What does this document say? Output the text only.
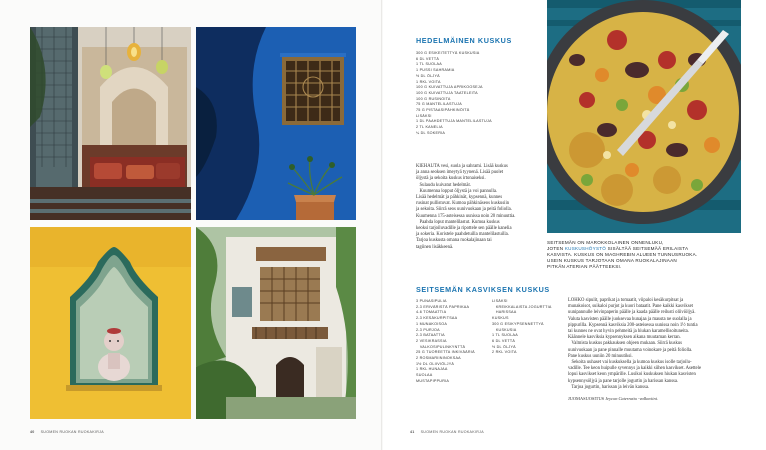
40 SUOMEN RUOKAN RUOKAKIRJA
HEDELMÄINEN KUSKUS
300 G ESIKEITETTYÄ KUSKUSIA
6 DL VETTÄ
1 TL SUOLAA
1 PUSSI SAHRAMIA
½ DL ÖLJYÄ
1 RKL VOITA
100 G KUIVATTUJA APRIKOOSEJA
100 G KUIVATTUJA TAATELEITA
100 G RUSINOITA
75 G MANTELILASTUJA
75 G PISTAASIPÄHKINÖITÄ
LISÄKSI
1 DL PAAHDETTUJA MANTELILASTUJA
2 TL KANELIA
¼ DL SOKERIA
KIEHAUTA vesi, suola ja sahrami. Lisää kuskus
ja anna seoksen imeytyä tyynenä. Lisää puolet
öljystä ja sekoita kuskus irtonaiseksi.
Sulaudu kuivatut hedelmät.
Kuumenna lopput öljystä ja voi pannulla.
Lisää hedelmät ja pähkinät, kypsennä, kunnes
rusinat pullistuvat. Kumoa pähkinäseos kuskusiin
ja sekoita. Siirrä seos uunivuokaan ja peitä foliolla.
Kuumenna 175-asteisessa uunissa noin 20 minuuttia.
Paahda loput mantelilastut. Kumoa kuskus
keoksi tarjoiluvadille ja ripottele sen päälle kanelia
ja sokeria. Koristele paahdetuilla mantelilastuilla.
Tarjoa kuskusta omana ruokalajinaan tai
tagiinen lisäkkeenä.
SEITSEMÄN ON MAROKKOLAINEN ONNENLUKU,
JOTEN KUSKUSHÖYSTÖ SISÄLTÄÄ SEITSEMÄÄ ERILAISTA
KASVISTA. KUSKUS ON MAGHREBIN ALUEEN TUNNUSRUOKA.
USEIN KUSKUS TARJOTAAN OMANA RUOKALAJINAAN
PITKÄN ATERIAN PÄÄTTEEKSI.
SEITSEMÄN KASVIKSEN KUSKUS
3 PUNASIPULIA
2-3 ERIVÄRISTÄ PAPRIKAA
4-6 TOMAATTIA
2-3 KESÄKURPITSAA
1 MUNAKOISOA
2-3 PURJOA
2-3 BATAATTIA
2 VESIKRASSIA
VALKOSIPULINKYNTTÄ
25 G TUOREETTA INKIVÄÄRIÄ
2 ROSMARIININOKSAA
1½ DL OLIIVIÖLJYÄ
1 RKL HUNAJAA
SUOLAA
MUSTAPIPPURIA
LISÄKSI
KREIKKALAISTA JOGURTTIA
HARISSAA
KUSKUS
300 G ESIKYPSENNETTYÄ
KUSKUSIA
1 TL SUOLAA
6 DL VETTÄ
½ DL ÖLJYÄ
2 RKL VOITA
LOHKO sipulit, paprikat ja tomaatit, viipaloi kesäkurpitsat ja
munakoisot, suikaloi purjot ja kuori bataatit. Pane kaikki kasvikset
uunipannulle leivinpaperin päälle ja kaada päälle reilusti oliiviöljyä.
Valuta kasvisten päälle juoksevaa hunajaa ja mausta ne suolalla ja
pippurilla. Kypsennä kasviksia 200-asteisessa uunissa noin 1½ tuntia
tai kunnes ne ovat hyvin pehmeitä ja hiukan karamellisoituneita.
Käännele kasviksia kypsennyksen aikana muutaman kerran.
Valmista kuskus pakkauksen ohjeen mukaan. Siirrä kuskus
uunivuokaan ja pane pinnalle muutama voinokare ja peitä foliolla.
Pane kuskus uuniin 20 minuutiksi.
Sekoita uuhaset vai kuskuksella ja kumoa kuskus isolle tarjoilu-
vadille. Tee keon huipulle syvennys ja kaikki siihen kasvikset. Asettele
lopui kasvikset keon ympärille. Lusikoi kuskuksen hiukan kasvisten
kypsennysöljyä ja pane tarjolle jogurtin ja harissan kanssa.
Tarjoa jogurtin, harissan ja leivän kanssa.
JUOMASUOSITUS Jeycon Caterratto -valkoviini.
41 SUOMEN RUOKAN RUOKAKIRJA
